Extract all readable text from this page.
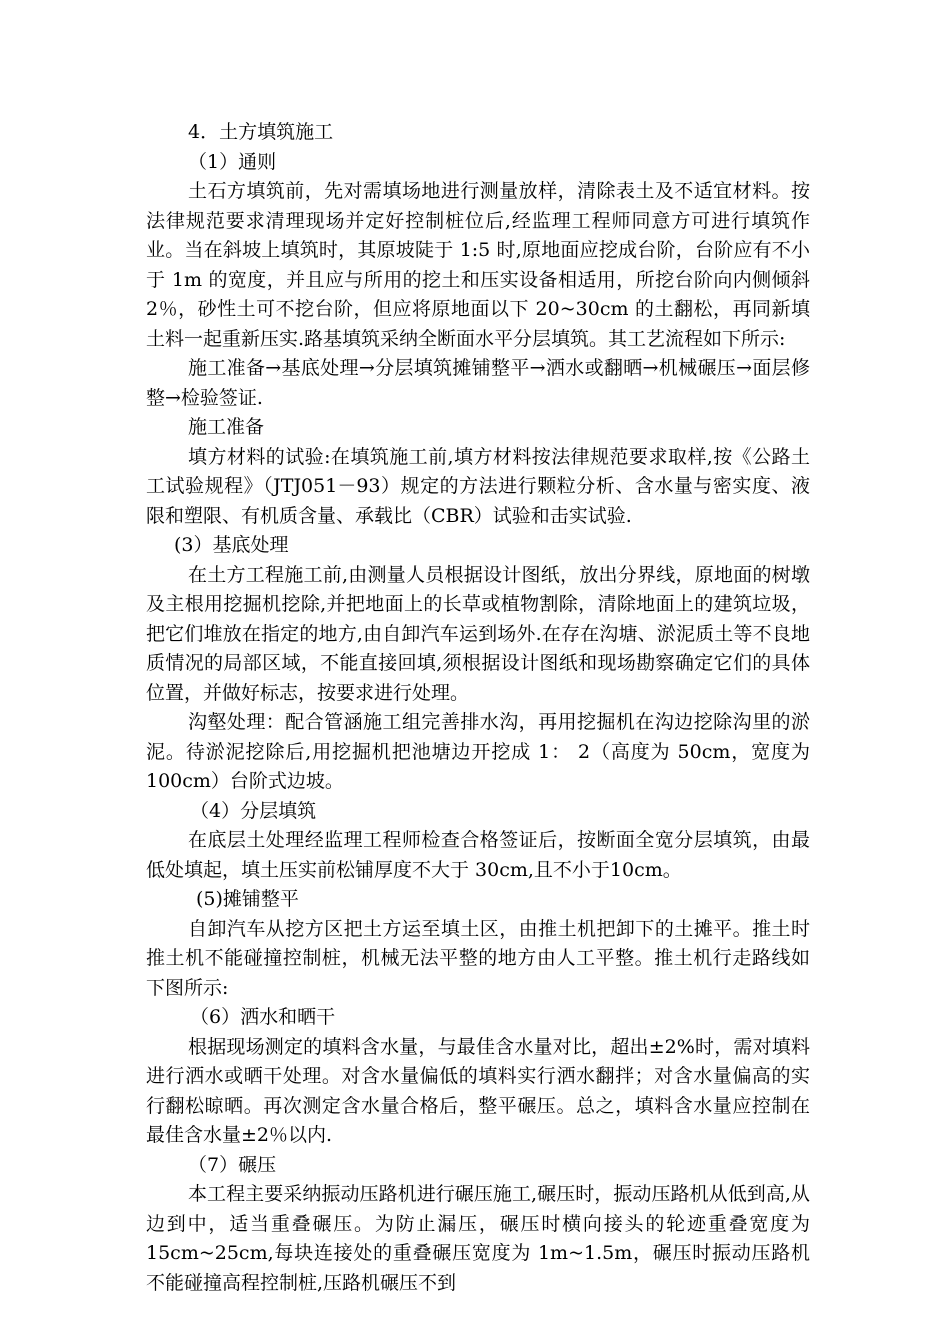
4．土方填筑施工

（1）通则

土石方填筑前，先对需填场地进行测量放样，清除表土及不适宜材料。按法律规范要求清理现场并定好控制桩位后,经监理工程师同意方可进行填筑作业。当在斜坡上填筑时，其原坡陡于 1:5 时,原地面应挖成台阶，台阶应有不小于 1m 的宽度，并且应与所用的挖土和压实设备相适用，所挖台阶向内侧倾斜 2％，砂性土可不挖台阶，但应将原地面以下 20~30cm 的土翻松，再同新填土料一起重新压实.路基填筑采纳全断面水平分层填筑。其工艺流程如下所示:

施工准备→基底处理→分层填筑摊铺整平→洒水或翻晒→机械碾压→面层修整→检验签证.

施工准备

填方材料的试验:在填筑施工前,填方材料按法律规范要求取样,按《公路土工试验规程》（JTJ051－93）规定的方法进行颗粒分析、含水量与密实度、液限和塑限、有机质含量、承载比（CBR）试验和击实试验.

(3）基底处理

在土方工程施工前,由测量人员根据设计图纸，放出分界线，原地面的树墩及主根用挖掘机挖除,并把地面上的长草或植物割除，清除地面上的建筑垃圾，把它们堆放在指定的地方,由自卸汽车运到场外.在存在沟塘、淤泥质土等不良地质情况的局部区域，不能直接回填,须根据设计图纸和现场勘察确定它们的具体位置，并做好标志，按要求进行处理。

沟壑处理：配合管涵施工组完善排水沟，再用挖掘机在沟边挖除沟里的淤泥。待淤泥挖除后,用挖掘机把池塘边开挖成 1： 2（高度为 50cm，宽度为 100cm）台阶式边坡。

（4）分层填筑

在底层土处理经监理工程师检查合格签证后，按断面全宽分层填筑，由最低处填起，填土压实前松铺厚度不大于 30cm,且不小于10cm。

(5)摊铺整平

自卸汽车从挖方区把土方运至填土区，由推土机把卸下的土摊平。推土时推土机不能碰撞控制桩，机械无法平整的地方由人工平整。推土机行走路线如下图所示:

（6）洒水和晒干

根据现场测定的填料含水量，与最佳含水量对比，超出±2%时，需对填料进行洒水或晒干处理。对含水量偏低的填料实行洒水翻拌；对含水量偏高的实行翻松晾晒。再次测定含水量合格后，整平碾压。总之，填料含水量应控制在最佳含水量±2％以内.

（7）碾压

本工程主要采纳振动压路机进行碾压施工,碾压时，振动压路机从低到高,从边到中，适当重叠碾压。为防止漏压，碾压时横向接头的轮迹重叠宽度为 15cm~25cm,每块连接处的重叠碾压宽度为 1m~1.5m，碾压时振动压路机不能碰撞高程控制桩,压路机碾压不到
